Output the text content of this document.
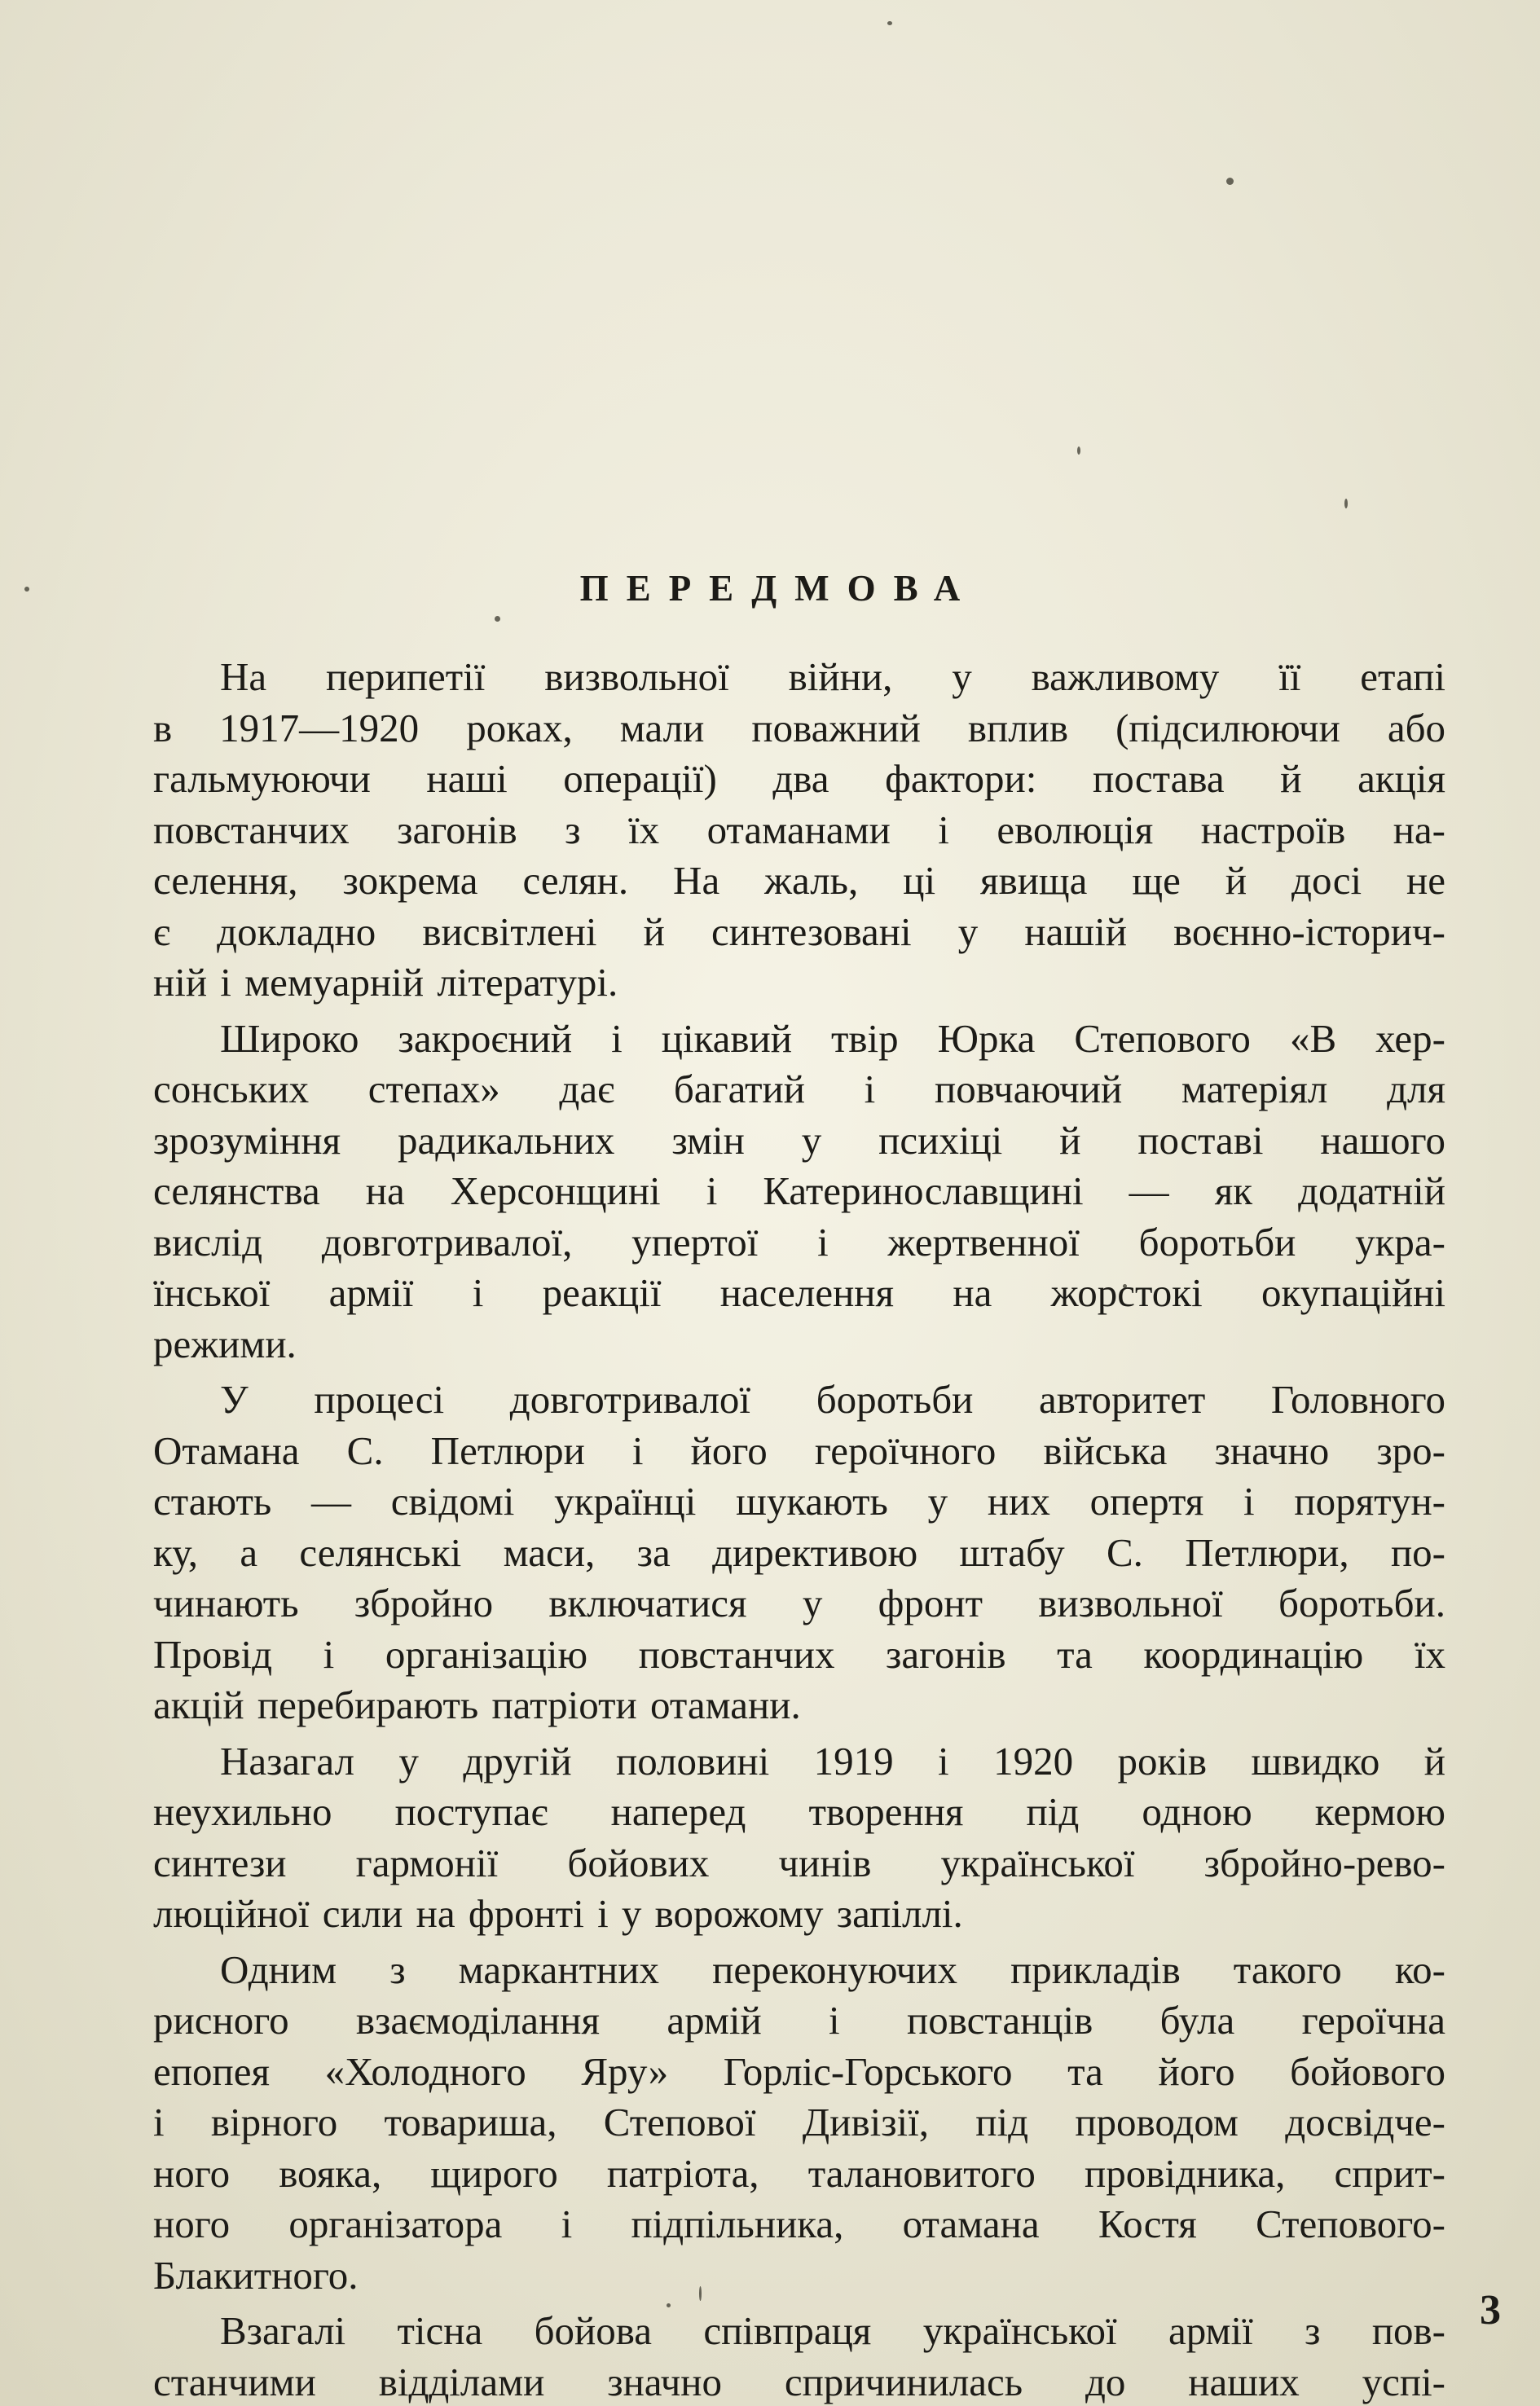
ПЕРЕДМОВА
На перипетії визвольної війни, у важливому її етапі
в 1917—1920 роках, мали поважний вплив (підсилюючи або
гальмуюючи наші операції) два фактори: постава й акція
повстанчих загонів з їх отаманами і еволюція настроїв на-
селення, зокрема селян. На жаль, ці явища ще й досі не
є докладно висвітлені й синтезовані у нашій воєнно-історич-
ній і мемуарній літературі.
Широко закроєний і цікавий твір Юрка Степового «В хер-
сонських степах» дає багатий і повчаючий матеріял для
зрозуміння радикальних змін у психіці й поставі нашого
селянства на Херсонщині і Катеринославщині — як додатній
вислід довготривалої, упертої і жертвенної боротьби укра-
їнської армії і реакції населення на жорстокі окупаційні
режими.
У процесі довготривалої боротьби авторитет Головного
Отамана С. Петлюри і його героїчного війська значно зро-
стають — свідомі українці шукають у них опертя і порятун-
ку, а селянські маси, за директивою штабу С. Петлюри, по-
чинають збройно включатися у фронт визвольної боротьби.
Провід і організацію повстанчих загонів та координацію їх
акцій перебирають патріоти отамани.
Назагал у другій половині 1919 і 1920 років швидко й
неухильно поступає наперед творення під одною кермою
синтези гармонії бойових чинів української збройно-рево-
люційної сили на фронті і у ворожому запіллі.
Одним з маркантних переконуючих прикладів такого ко-
рисного взаємоділання армій і повстанців була героїчна
епопея «Холодного Яру» Горліс-Горського та його бойового
і вірного товариша, Степової Дивізії, під проводом досвідче-
ного вояка, щирого патріота, талановитого провідника, сприт-
ного організатора і підпільника, отамана Костя Степового-
Блакитного.
Взагалі тісна бойова співпраця української армії з пов-
станчими відділами значно спричинилась до наших успі-
3
